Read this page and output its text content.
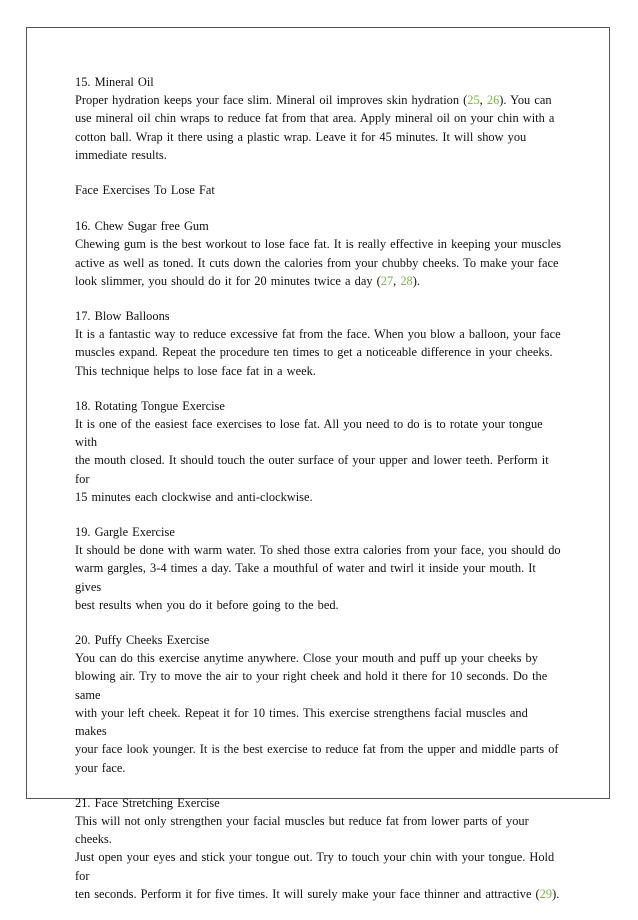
15. Mineral Oil
Proper hydration keeps your face slim. Mineral oil improves skin hydration (25, 26). You can
use mineral oil chin wraps to reduce fat from that area. Apply mineral oil on your chin with a
cotton ball. Wrap it there using a plastic wrap. Leave it for 45 minutes. It will show you
immediate results.
Face Exercises To Lose Fat
16. Chew Sugar free Gum
Chewing gum is the best workout to lose face fat. It is really effective in keeping your muscles
active as well as toned. It cuts down the calories from your chubby cheeks. To make your face
look slimmer, you should do it for 20 minutes twice a day (27, 28).
17. Blow Balloons
It is a fantastic way to reduce excessive fat from the face. When you blow a balloon, your face
muscles expand. Repeat the procedure ten times to get a noticeable difference in your cheeks.
This technique helps to lose face fat in a week.
18. Rotating Tongue Exercise
It is one of the easiest face exercises to lose fat. All you need to do is to rotate your tongue with
the mouth closed. It should touch the outer surface of your upper and lower teeth. Perform it for
15 minutes each clockwise and anti-clockwise.
19. Gargle Exercise
It should be done with warm water. To shed those extra calories from your face, you should do
warm gargles, 3-4 times a day. Take a mouthful of water and twirl it inside your mouth. It gives
best results when you do it before going to the bed.
20. Puffy Cheeks Exercise
You can do this exercise anytime anywhere. Close your mouth and puff up your cheeks by
blowing air. Try to move the air to your right cheek and hold it there for 10 seconds. Do the same
with your left cheek. Repeat it for 10 times. This exercise strengthens facial muscles and makes
your face look younger. It is the best exercise to reduce fat from the upper and middle parts of
your face.
21. Face Stretching Exercise
This will not only strengthen your facial muscles but reduce fat from lower parts of your cheeks.
Just open your eyes and stick your tongue out. Try to touch your chin with your tongue. Hold for
ten seconds. Perform it for five times. It will surely make your face thinner and attractive (29).
